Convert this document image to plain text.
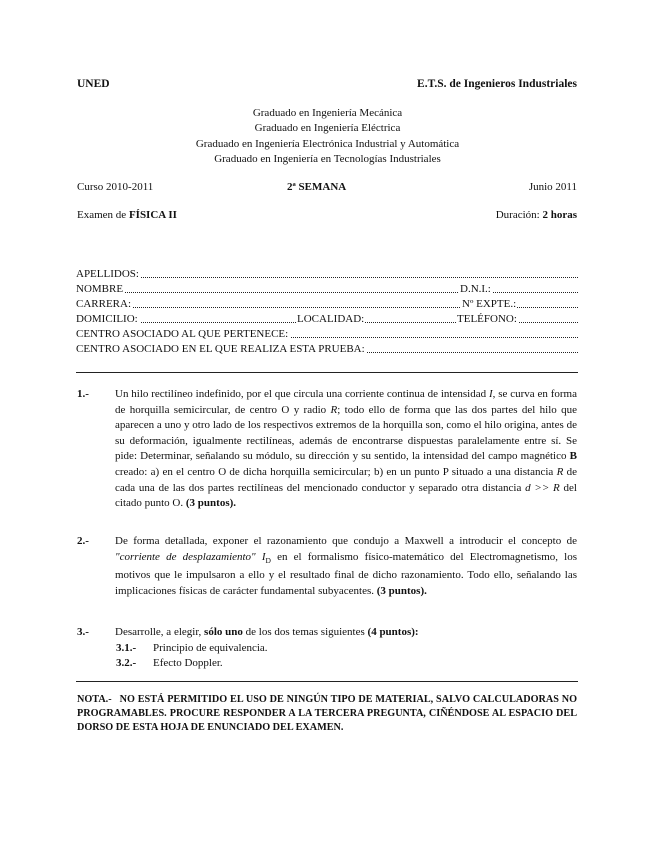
UNED	E.T.S. de Ingenieros Industriales
Graduado en Ingeniería Mecánica
Graduado en Ingeniería Eléctrica
Graduado en Ingeniería Electrónica Industrial y Automática
Graduado en Ingeniería en Tecnologías Industriales
Curso 2010-2011	2ª SEMANA	Junio 2011
Examen de FÍSICA II	Duración: 2 horas
APELLIDOS:
NOMBRE	D.N.I.:
CARRERA:	Nº EXPTE.:
DOMICILIO:	LOCALIDAD:	TELÉFONO:
CENTRO ASOCIADO AL QUE PERTENECE:
CENTRO ASOCIADO EN EL QUE REALIZA ESTA PRUEBA:
1.- Un hilo rectilíneo indefinido, por el que circula una corriente continua de intensidad I, se curva en forma de horquilla semicircular, de centro O y radio R; todo ello de forma que las dos partes del hilo que aparecen a uno y otro lado de los respectivos extremos de la horquilla son, como el hilo origina, antes de su deformación, igualmente rectilíneas, además de encontrarse dispuestas paralelamente entre sí. Se pide: Determinar, señalando su módulo, su dirección y su sentido, la intensidad del campo magnético B creado: a) en el centro O de dicha horquilla semicircular; b) en un punto P situado a una distancia R de cada una de las dos partes rectilíneas del mencionado conductor y separado otra distancia d >> R del citado punto O. (3 puntos).
2.- De forma detallada, exponer el razonamiento que condujo a Maxwell a introducir el concepto de "corriente de desplazamiento" $I_D$ en el formalismo físico-matemático del Electromagnetismo, los motivos que le impulsaron a ello y el resultado final de dicho razonamiento. Todo ello, señalando las implicaciones físicas de carácter fundamental subyacentes. (3 puntos).
3.- Desarrolle, a elegir, sólo uno de los dos temas siguientes (4 puntos):
3.1.- Principio de equivalencia.
3.2.- Efecto Doppler.
NOTA.- NO ESTÁ PERMITIDO EL USO DE NINGÚN TIPO DE MATERIAL, SALVO CALCULADORAS NO PROGRAMABLES. PROCURE RESPONDER A LA TERCERA PREGUNTA, CIÑÉNDOSE AL ESPACIO DEL DORSO DE ESTA HOJA DE ENUNCIADO DEL EXAMEN.
